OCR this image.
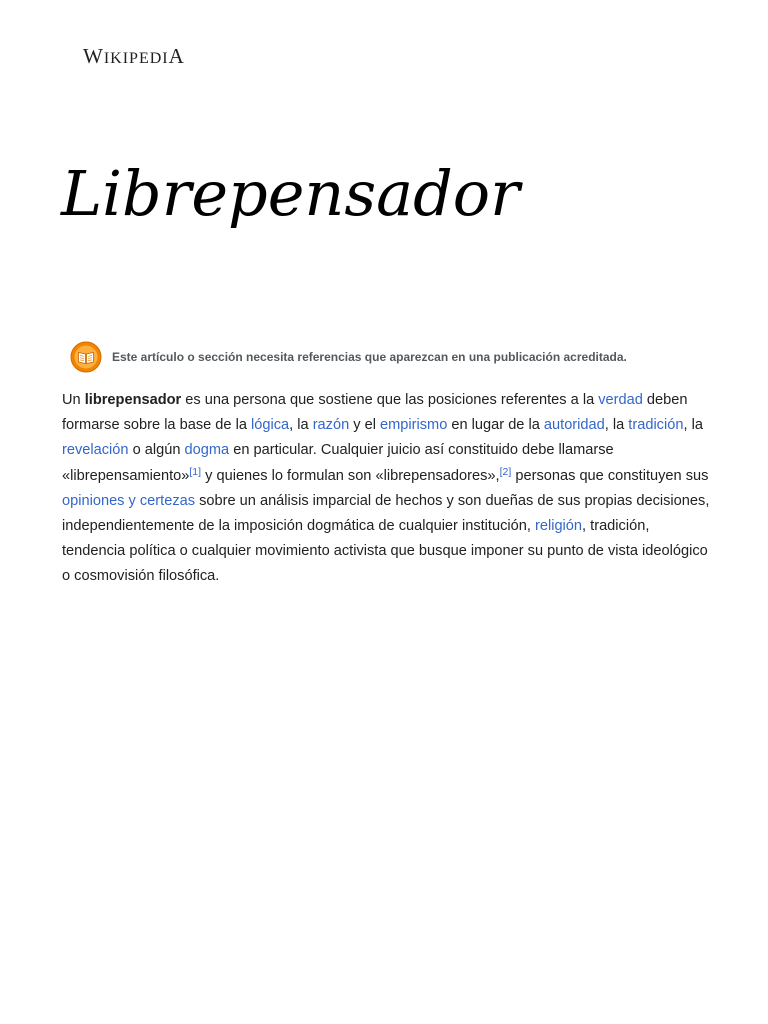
WIKIPEDIA
Librepensador
Este artículo o sección necesita referencias que aparezcan en una publicación acreditada.

Un librepensador es una persona que sostiene que las posiciones referentes a la verdad deben formarse sobre la base de la lógica, la razón y el empirismo en lugar de la autoridad, la tradición, la revelación o algún dogma en particular. Cualquier juicio así constituido debe llamarse «librepensamiento»[1] y quienes lo formulan son «librepensadores»,[2] personas que constituyen sus opiniones y certezas sobre un análisis imparcial de hechos y son dueñas de sus propias decisiones, independientemente de la imposición dogmática de cualquier institución, religión, tradición, tendencia política o cualquier movimiento activista que busque imponer su punto de vista ideológico o cosmovisión filosófica.
